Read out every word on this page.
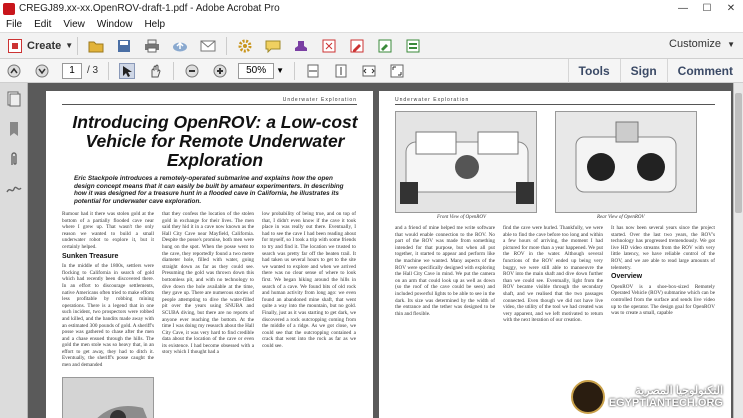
CREGJ89.xx-xx.OpenROV-draft-1.pdf - Adobe Acrobat Pro	—	☐	✕
File	Edit	View	Window	Help
Create ▼	Customize ▼
1	/ 3	50%	▼	Tools	Sign	Comment
Underwater Exploration
Introducing OpenROV: a Low-cost Vehicle for Remote Underwater Exploration
Eric Stackpole introduces a remotely-operated submarine and explains how the open design concept means that it can easily be built by amateur experimenters. In describing how it was designed for a treasure hunt in a flooded cave in California, he illustrates its potential for underwater cave exploration.
Rumour had it there was stolen gold at the bottom of a partially flooded cave near where I grew up. That wasn't the only reason we wanted to build a small underwater robot to explore it, but it certainly helped.
Sunken Treasure
In the middle of the 1800s, settlers were flocking to California in search of gold which had recently been discovered there. In an effort to discourage settlements, native Americans often tried to make efforts less profitable by robbing mining operations. There is a legend that in one such incident, two prospectors were robbed and killed, and the bandits made away with an estimated 300 pounds of gold. A sheriff's posse was gathered to chase after the men and a chase ensued through the hills. The gold the men stole was so heavy that, in an effort to get away, they had to ditch it. Eventually, the sheriff's posse caught the men and demanded
that they confess the location of the stolen gold in exchange for their lives. The men said they hid it in a cave now known as the Hall City Cave near Mayfield, California. Despite the posse's promise, both men were hung on the spot. When the posse went to the cave, they reportedly found a two metre diameter hole, filled with water, going straight down as far as they could see. Presuming the gold was thrown down this bottomless pit, and with no technology to dive down the hole available at the time, they gave up. There are numerous stories of people attempting to dive the water-filled pit over the years using SNUBA and SCUBA diving, but there are no reports of anyone ever reaching the bottom. At the time I was doing my research about the Hall City Cave, it was very hard to find credible data about the location of the cave or even its existence. I had become obsessed with a story which I thought had a
low probability of being true, and on top of that, I didn't even know if the cave it took place in was really out there. Eventually, I had to see the cave I had been reading about for myself, so I took a trip with some friends to try and find it. The location we trusted to search was pretty far off the beaten trail. It had taken us several hours to get to the site we wanted to explore and when we arrived there was no clear sense of where to look first. We began hiking around the hills in search of a cave. We found bits of old rock and human activity from long ago: we even found an abandoned mine shaft, that went quite a way into the mountain, but no gold. Finally, just as it was starting to get dark, we discovered a rock outcropping coming from the middle of a ridge. As we got close, we could see that the outcropping contained a crack that went into the rock as far as we could see.
Underwater Exploration
Front View of OpenROV	Rear View of OpenROV
and a friend of mine helped me write software that would enable connection to the ROV. No part of the ROV was made from something intended for that purpose, but when all put together, it started to appear and perform like the machine we wanted. Many aspects of the ROV were specifically designed with exploring the Hall City Cave in mind. We put the camera on an arm that could look up as well as down (so the roof of the cave could be seen) and included powerful lights to be able to see in the dark. Its size was determined by the width of the entrance and the tether was designed to be thin and flexible.
find the cave were hurled. Thankfully, we were able to find the cave before too long and within a few hours of arriving, the moment I had pictured for more than a year happened. We put the ROV in the water. Although several functions of the ROV ended up being very buggy, we were still able to manoeuvre the ROV into the main shaft and dive down further than we could see. Eventually, light from the ROV became visible through the secondary shaft, and we realised that the two passages connected. Even though we did not have live video, the utility of the tool we had created was very apparent, and we left motivated to return with the next iteration of our creation.
It has now been several years since the project started. Over the last two years, the ROV's technology has progressed tremendously. We got live HD video streams from the ROV with very little latency, we have reliable control of the ROV, and we are able to read large amounts of telemetry.
Overview
OpenROV is a shoe-box-sized Remotely Operated Vehicle (ROV) submarine which can be controlled from the surface and sends live video up to the operator. The design goal for OpenROV was to create a small, capable
التكنولوجيا المصرية
EGYPTIANTECH.ORG
